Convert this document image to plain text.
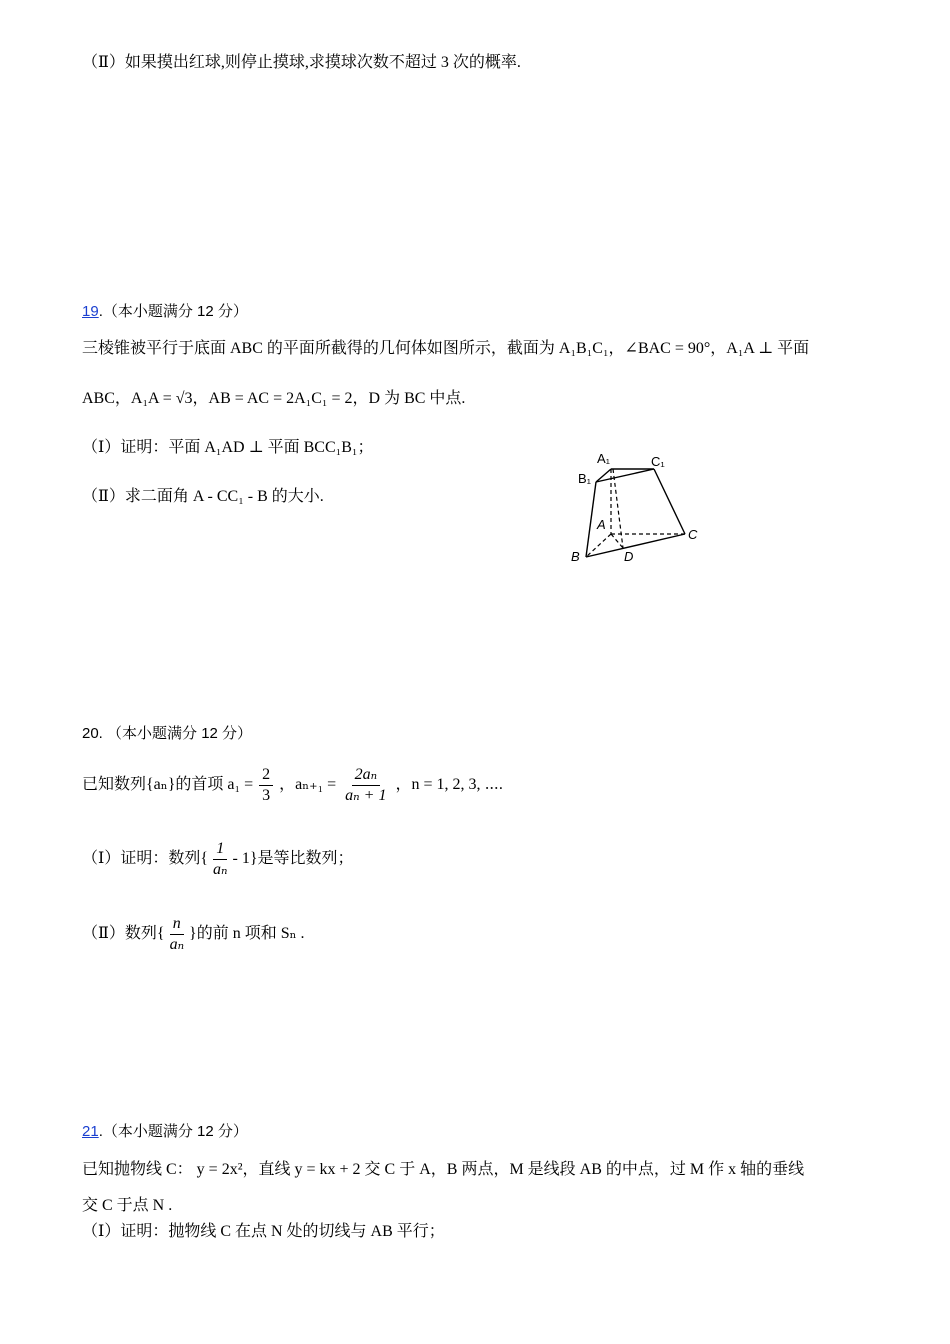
（Ⅱ）如果摸出红球,则停止摸球,求摸球次数不超过 3 次的概率.
19.（本小题满分 12 分）
三棱锥被平行于底面 ABC 的平面所截得的几何体如图所示，截面为 A₁B₁C₁，∠BAC = 90°，A₁A ⊥ 平面
ABC，A₁A = √3，AB = AC = 2A₁C₁ = 2，D 为 BC 中点.
（Ⅰ）证明：平面 A₁AD ⊥ 平面 BCC₁B₁；
（Ⅱ）求二面角 A - CC₁ - B 的大小.
A₁	C₁
B₁
A
B
C
D
20. （本小题满分 12 分）
已知数列{aₙ}的首项 $a_1 = \frac{2}{3}$ ，$a_{n+1} = \frac{\text{2aₙ}}{\text{aₙ + 1}}$ ，n = 1, 2, 3, ⋯.
（Ⅰ）证明：数列{ $\frac{1}{\text{aₙ}} - 1$}是等比数列；
（Ⅱ）数列{ $\frac{n}{\text{aₙ}}$ }的前 n 项和 Sₙ .
21.（本小题满分 12 分）
已知抛物线 C： y = 2x²，直线 y = kx + 2 交 C 于 A，B 两点，M 是线段 AB 的中点，过 M 作 x 轴的垂线
交 C 于点 N .
（Ⅰ）证明：抛物线 C 在点 N 处的切线与 AB 平行；
